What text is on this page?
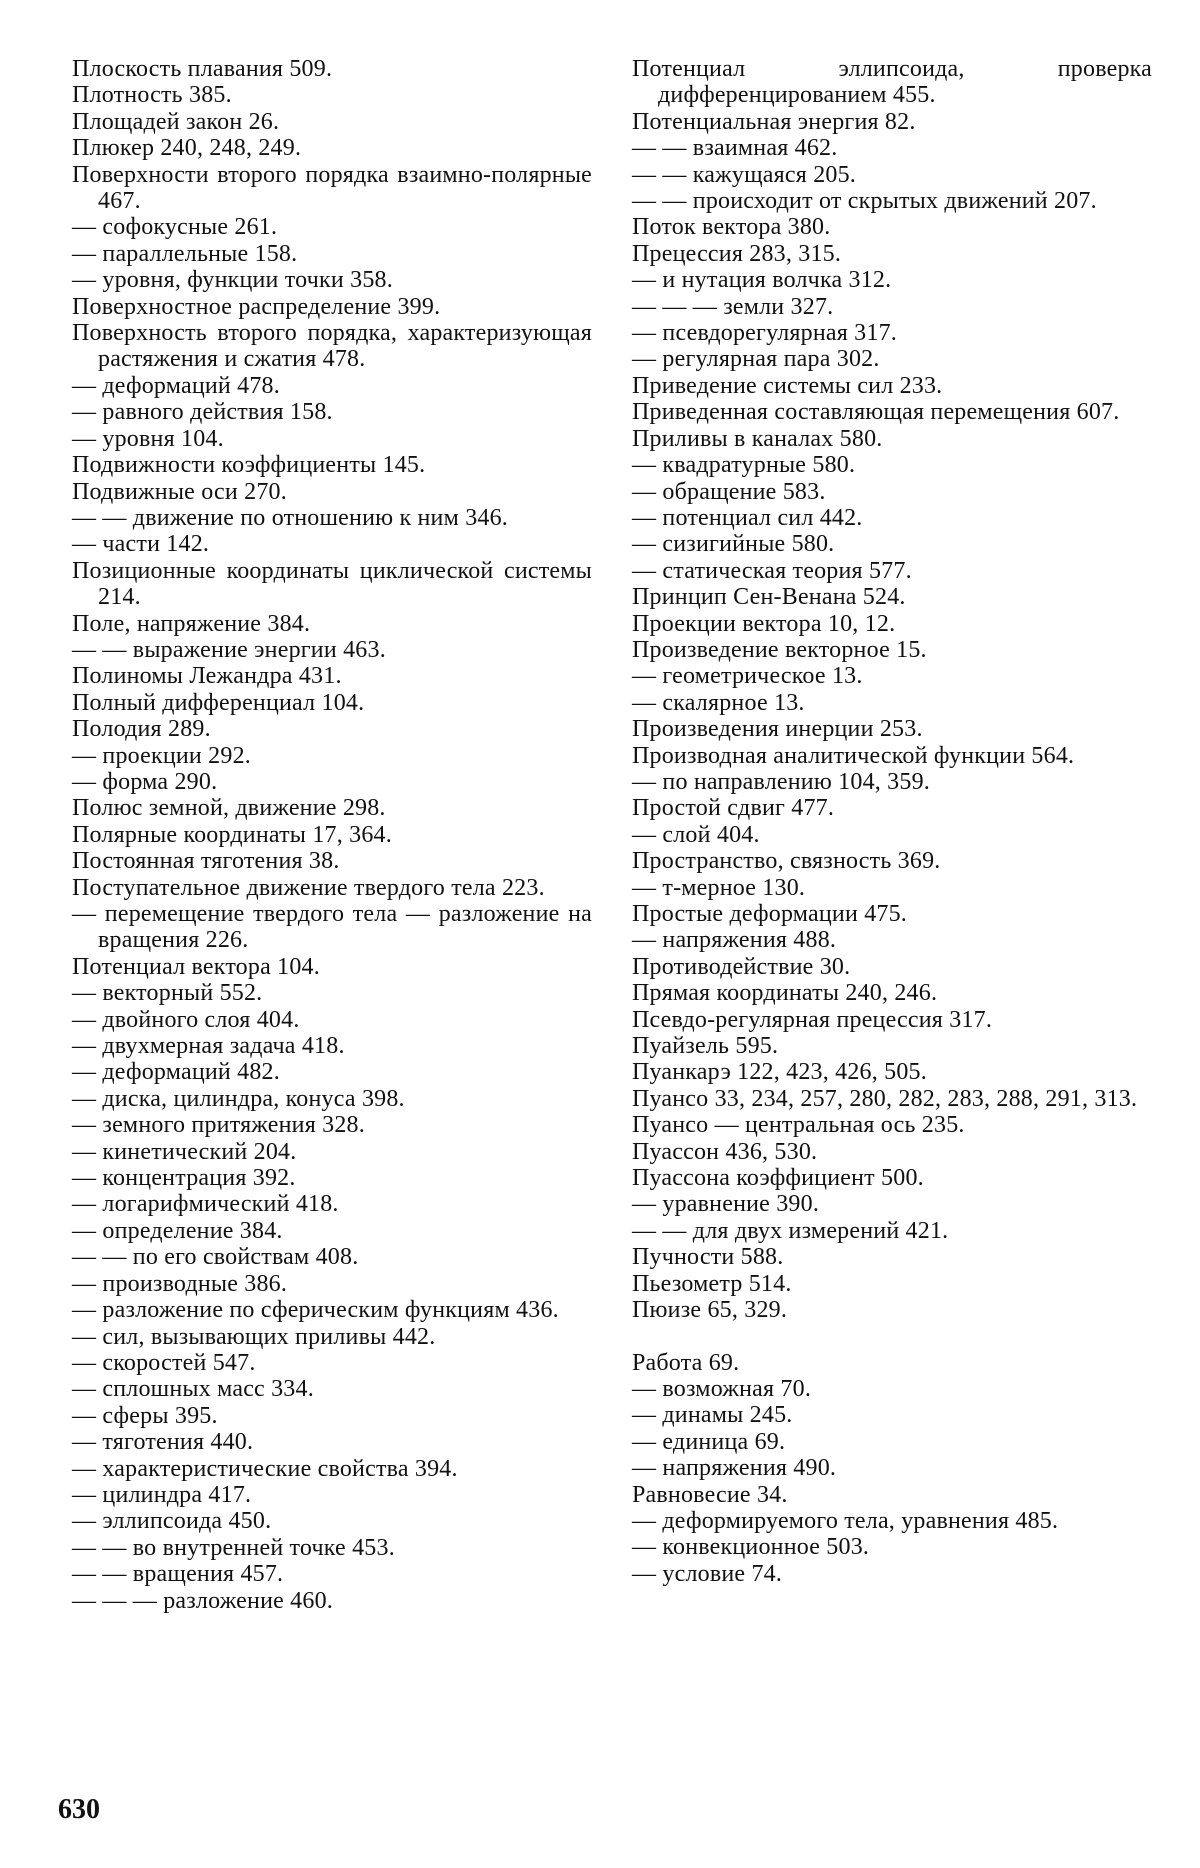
Плоскость плавания 509.
Плотность 385.
Площадей закон 26.
Плюкер 240, 248, 249.
Поверхности второго порядка взаимно-полярные 467.
— софокусные 261.
— параллельные 158.
— уровня, функции точки 358.
Поверхностное распределение 399.
Поверхность второго порядка, характеризующая растяжения и сжатия 478.
— деформаций 478.
— равного действия 158.
— уровня 104.
Подвижности коэффициенты 145.
Подвижные оси 270.
— — движение по отношению к ним 346.
— части 142.
Позиционные координаты циклической системы 214.
Поле, напряжение 384.
— — выражение энергии 463.
Полиномы Лежандра 431.
Полный дифференциал 104.
Полодия 289.
— проекции 292.
— форма 290.
Полюс земной, движение 298.
Полярные координаты 17, 364.
Постоянная тяготения 38.
Поступательное движение твердого тела 223.
— перемещение твердого тела — разложение на вращения 226.
Потенциал вектора 104.
— векторный 552.
— двойного слоя 404.
— двухмерная задача 418.
— деформаций 482.
— диска, цилиндра, конуса 398.
— земного притяжения 328.
— кинетический 204.
— концентрация 392.
— логарифмический 418.
— определение 384.
— — по его свойствам 408.
— производные 386.
— разложение по сферическим функциям 436.
— сил, вызывающих приливы 442.
— скоростей 547.
— сплошных масс 334.
— сферы 395.
— тяготения 440.
— характеристические свойства 394.
— цилиндра 417.
— эллипсоида 450.
— — во внутренней точке 453.
— — вращения 457.
— — — разложение 460.
Потенциал эллипсоида, проверка дифференцированием 455.
Потенциальная энергия 82.
— — взаимная 462.
— — кажущаяся 205.
— — происходит от скрытых движений 207.
Поток вектора 380.
Прецессия 283, 315.
— и нутация волчка 312.
— — — земли 327.
— псевдорегулярная 317.
— регулярная пара 302.
Приведение системы сил 233.
Приведенная составляющая перемещения 607.
Приливы в каналах 580.
— квадратурные 580.
— обращение 583.
— потенциал сил 442.
— сизигийные 580.
— статическая теория 577.
Принцип Сен-Венана 524.
Проекции вектора 10, 12.
Произведение векторное 15.
— геометрическое 13.
— скалярное 13.
Произведения инерции 253.
Производная аналитической функции 564.
— по направлению 104, 359.
Простой сдвиг 477.
— слой 404.
Пространство, связность 369.
— т-мерное 130.
Простые деформации 475.
— напряжения 488.
Противодействие 30.
Прямая координаты 240, 246.
Псевдо-регулярная прецессия 317.
Пуайзель 595.
Пуанкарэ 122, 423, 426, 505.
Пуансо 33, 234, 257, 280, 282, 283, 288, 291, 313.
Пуансо — центральная ось 235.
Пуассон 436, 530.
Пуассона коэффициент 500.
— уравнение 390.
— — для двух измерений 421.
Пучности 588.
Пьезометр 514.
Пюизе 65, 329.
Работа 69.
— возможная 70.
— динамы 245.
— единица 69.
— напряжения 490.
Равновесие 34.
— деформируемого тела, уравнения 485.
— конвекционное 503.
— условие 74.
630
